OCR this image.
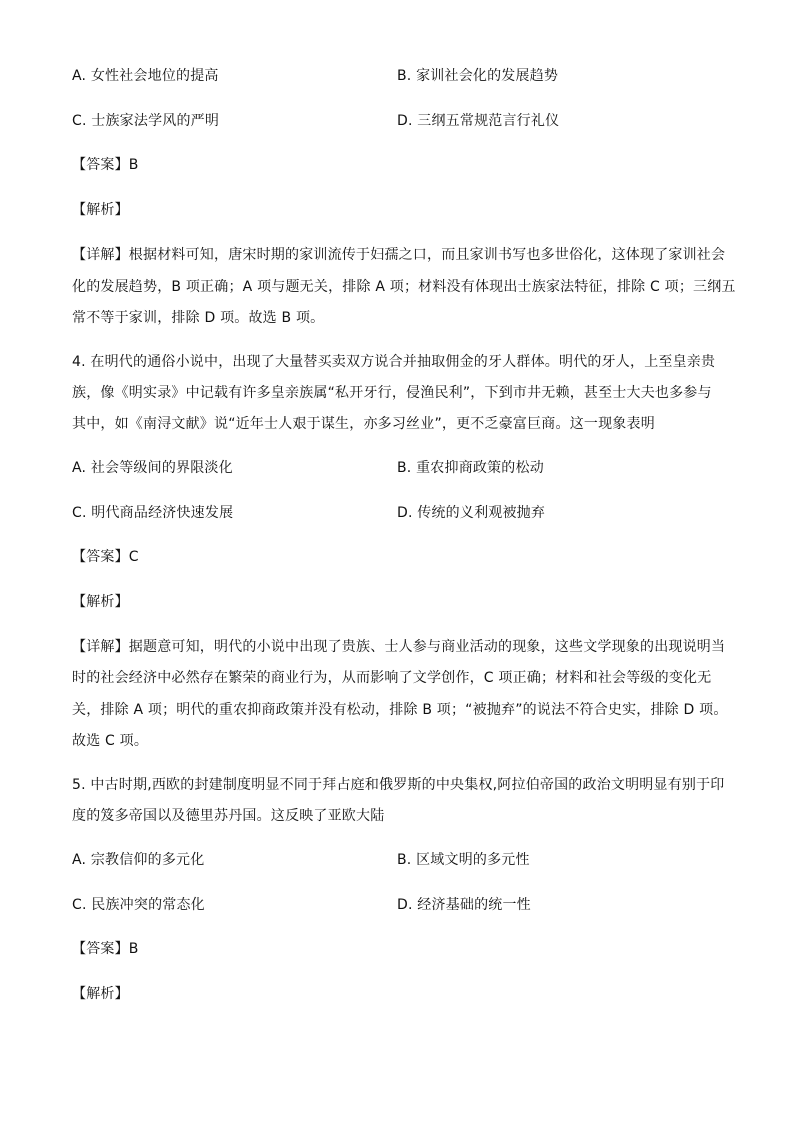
A. 女性社会地位的提高	B. 家训社会化的发展趋势
C. 士族家法学风的严明	D. 三纲五常规范言行礼仪
【答案】B
【解析】
【详解】根据材料可知，唐宋时期的家训流传于妇孺之口，而且家训书写也多世俗化，这体现了家训社会
化的发展趋势，B 项正确；A 项与题无关，排除 A 项；材料没有体现出士族家法特征，排除 C 项；三纲五
常不等于家训，排除 D 项。故选 B 项。
4. 在明代的通俗小说中，出现了大量替买卖双方说合并抽取佣金的牙人群体。明代的牙人，上至皇亲贵
族，像《明实录》中记载有许多皇亲族属“私开牙行，侵渔民利”，下到市井无赖，甚至士大夫也多参与
其中，如《南浔文献》说“近年士人艰于谋生，亦多习丝业”，更不乏豪富巨商。这一现象表明
A. 社会等级间的界限淡化	B. 重农抑商政策的松动
C. 明代商品经济快速发展	D. 传统的义利观被抛弃
【答案】C
【解析】
【详解】据题意可知，明代的小说中出现了贵族、士人参与商业活动的现象，这些文学现象的出现说明当
时的社会经济中必然存在繁荣的商业行为，从而影响了文学创作，C 项正确；材料和社会等级的变化无
关，排除 A 项；明代的重农抑商政策并没有松动，排除 B 项；“被抛弃”的说法不符合史实，排除 D 项。
故选 C 项。
5. 中古时期,西欧的封建制度明显不同于拜占庭和俄罗斯的中央集权,阿拉伯帝国的政治文明明显有别于印
度的笈多帝国以及德里苏丹国。这反映了亚欧大陆
A. 宗教信仰的多元化	B. 区域文明的多元性
C. 民族冲突的常态化	D. 经济基础的统一性
【答案】B
【解析】
